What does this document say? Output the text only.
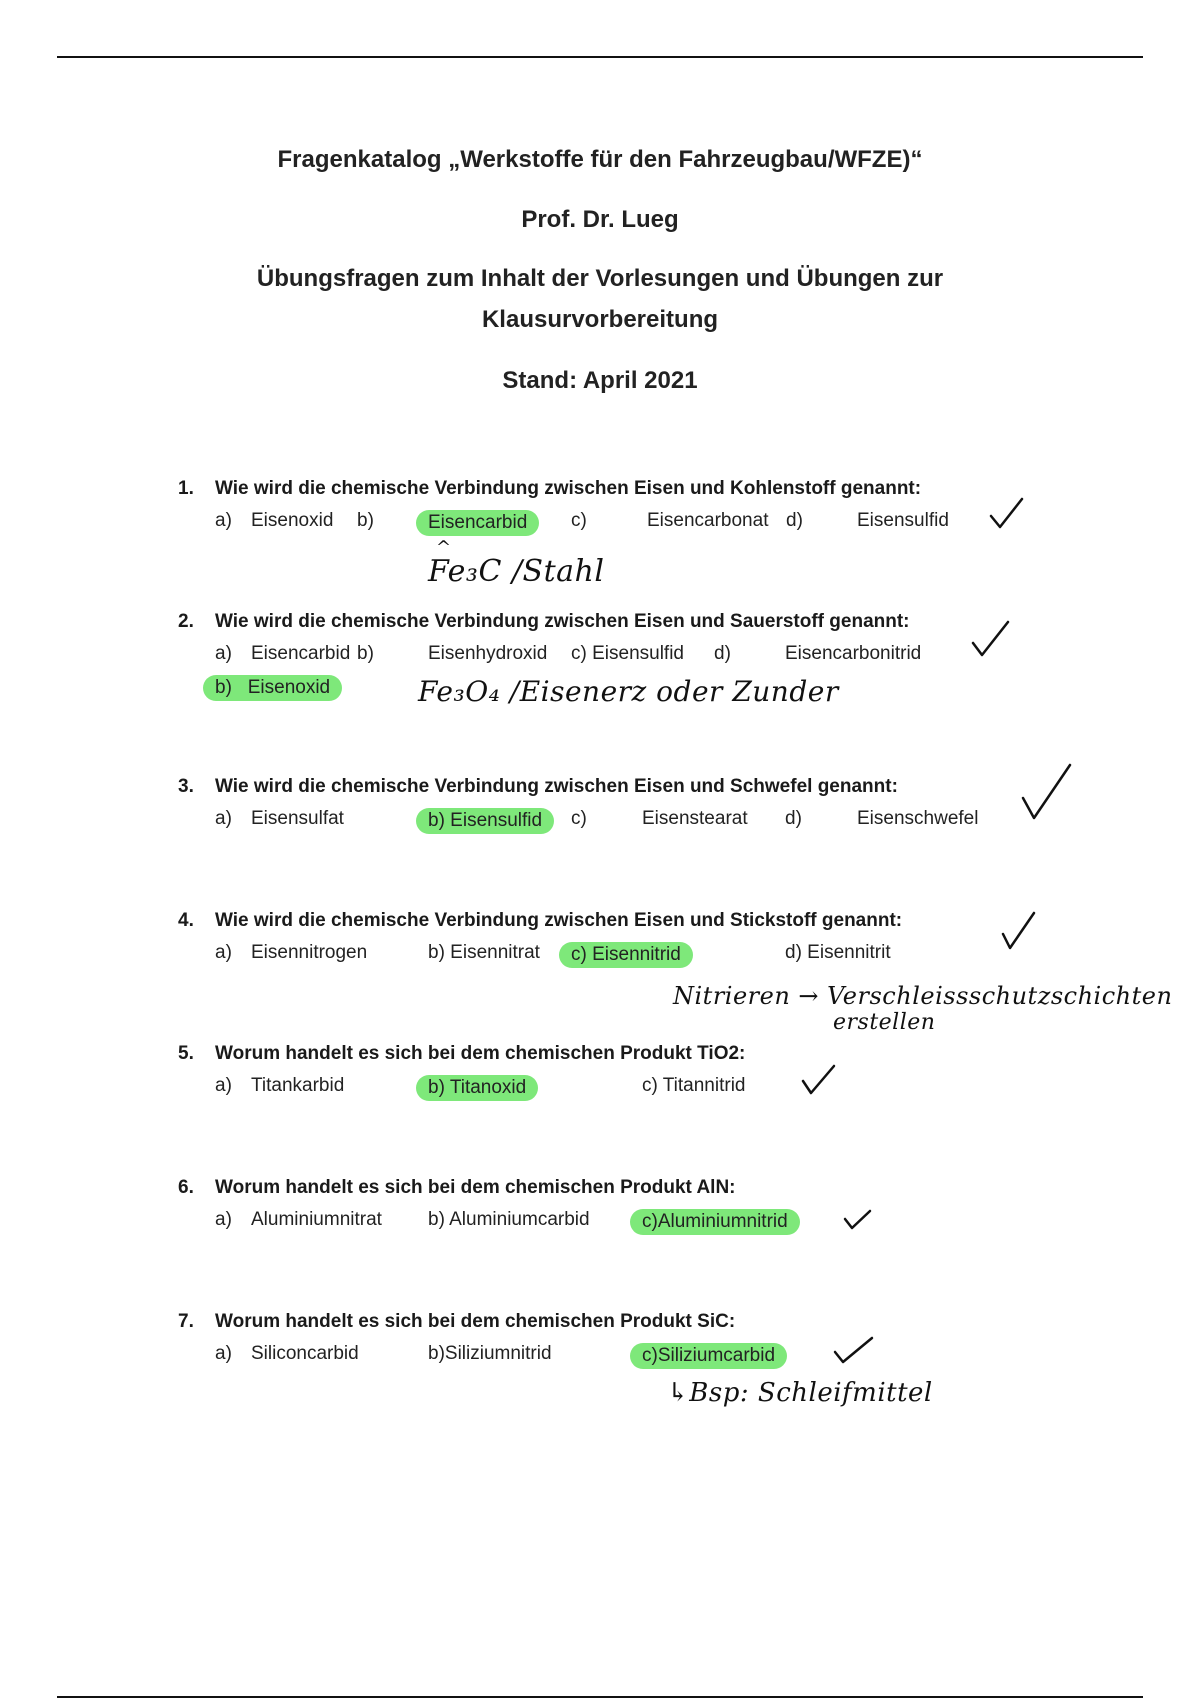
Fragenkatalog „Werkstoffe für den Fahrzeugbau/WFZE)“
Prof. Dr. Lueg
Übungsfragen zum Inhalt der Vorlesungen und Übungen zur
Klausurvorbereitung
Stand: April 2021
1. Wie wird die chemische Verbindung zwischen Eisen und Kohlenstoff genannt:
a) Eisenoxid b)	Eisencarbid	c)	Eisencarbonat d)	Eisensulfid
^
Fe₃C /Stahl
2. Wie wird die chemische Verbindung zwischen Eisen und Sauerstoff genannt:
a) Eisencarbid b)	Eisenhydroxid c) Eisensulfid d)	Eisencarbonitrid
b)   Eisenoxid	Fe₃O₄ /Eisenerz oder Zunder
3. Wie wird die chemische Verbindung zwischen Eisen und Schwefel genannt:
a) Eisensulfat	b) Eisensulfid	c)	Eisenstearat d)	Eisenschwefel
4. Wie wird die chemische Verbindung zwischen Eisen und Stickstoff genannt:
a) Eisennitrogen	b) Eisennitrat	c) Eisennitrid	d) Eisennitrit
Nitrieren → Verschleissschutzschichten
erstellen
5. Worum handelt es sich bei dem chemischen Produkt TiO2:
a) Titankarbid	b) Titanoxid	c) Titannitrid
6. Worum handelt es sich bei dem chemischen Produkt AlN:
a) Aluminiumnitrat b) Aluminiumcarbid	c)Aluminiumnitrid
7. Worum handelt es sich bei dem chemischen Produkt SiC:
a) Siliconcarbid	b)Siliziumnitrid	c)Siliziumcarbid
↳Bsp: Schleifmittel
